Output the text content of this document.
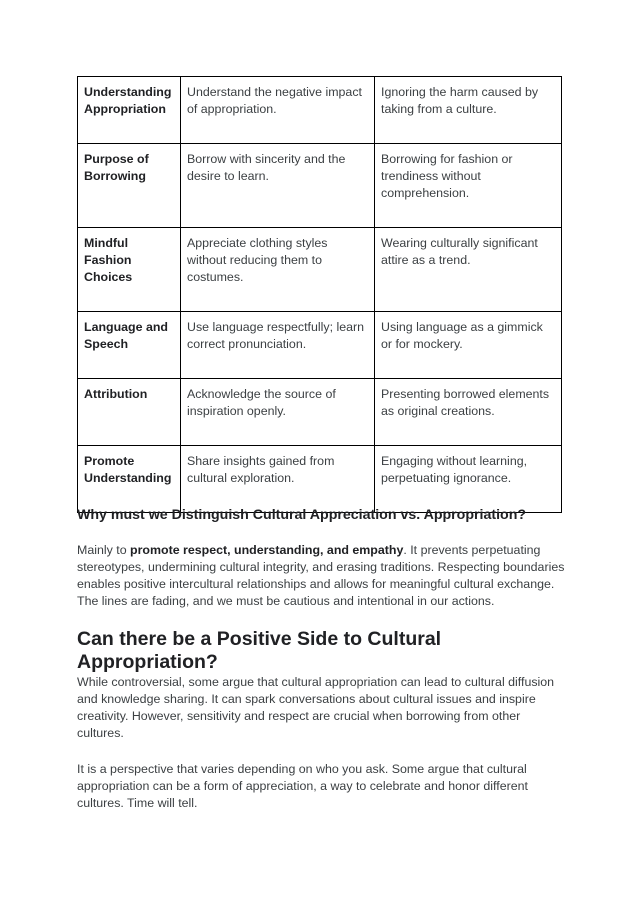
Understanding Appropriation	Understand the negative impact of appropriation.	Ignoring the harm caused by taking from a culture.
Purpose of Borrowing	Borrow with sincerity and the desire to learn.	Borrowing for fashion or trendiness without comprehension.
Mindful Fashion Choices	Appreciate clothing styles without reducing them to costumes.	Wearing culturally significant attire as a trend.
Language and Speech	Use language respectfully; learn correct pronunciation.	Using language as a gimmick or for mockery.
Attribution	Acknowledge the source of inspiration openly.	Presenting borrowed elements as original creations.
Promote Understanding	Share insights gained from cultural exploration.	Engaging without learning, perpetuating ignorance.
Why must we Distinguish Cultural Appreciation vs. Appropriation?

Mainly to promote respect, understanding, and empathy. It prevents perpetuating stereotypes, undermining cultural integrity, and erasing traditions. Respecting boundaries enables positive intercultural relationships and allows for meaningful cultural exchange. The lines are fading, and we must be cautious and intentional in our actions.

Can there be a Positive Side to Cultural Appropriation?

While controversial, some argue that cultural appropriation can lead to cultural diffusion and knowledge sharing. It can spark conversations about cultural issues and inspire creativity. However, sensitivity and respect are crucial when borrowing from other cultures.

It is a perspective that varies depending on who you ask. Some argue that cultural appropriation can be a form of appreciation, a way to celebrate and honor different cultures. Time will tell.
